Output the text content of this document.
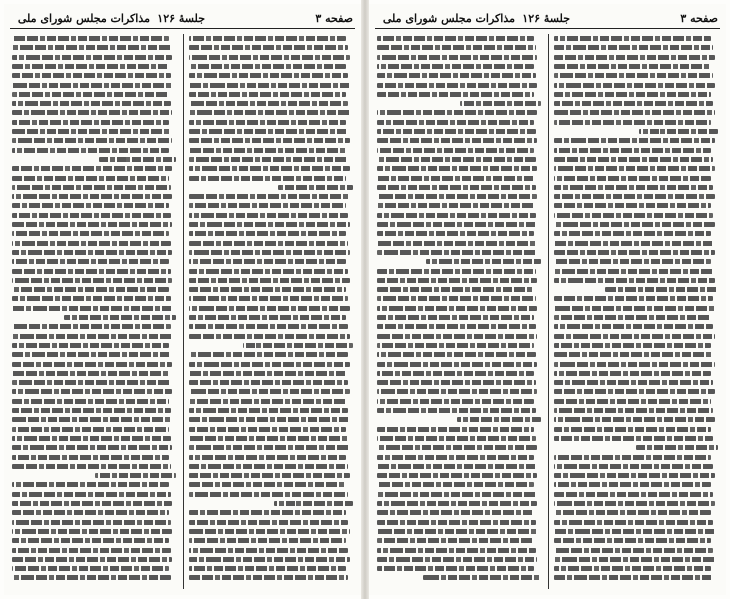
صفحه ۳
جلسهٔ ۱۲۶
مذاکرات مجلس شورای ملی	صفحه ۳
جلسهٔ ۱۲۶
مذاکرات مجلس شورای ملی
